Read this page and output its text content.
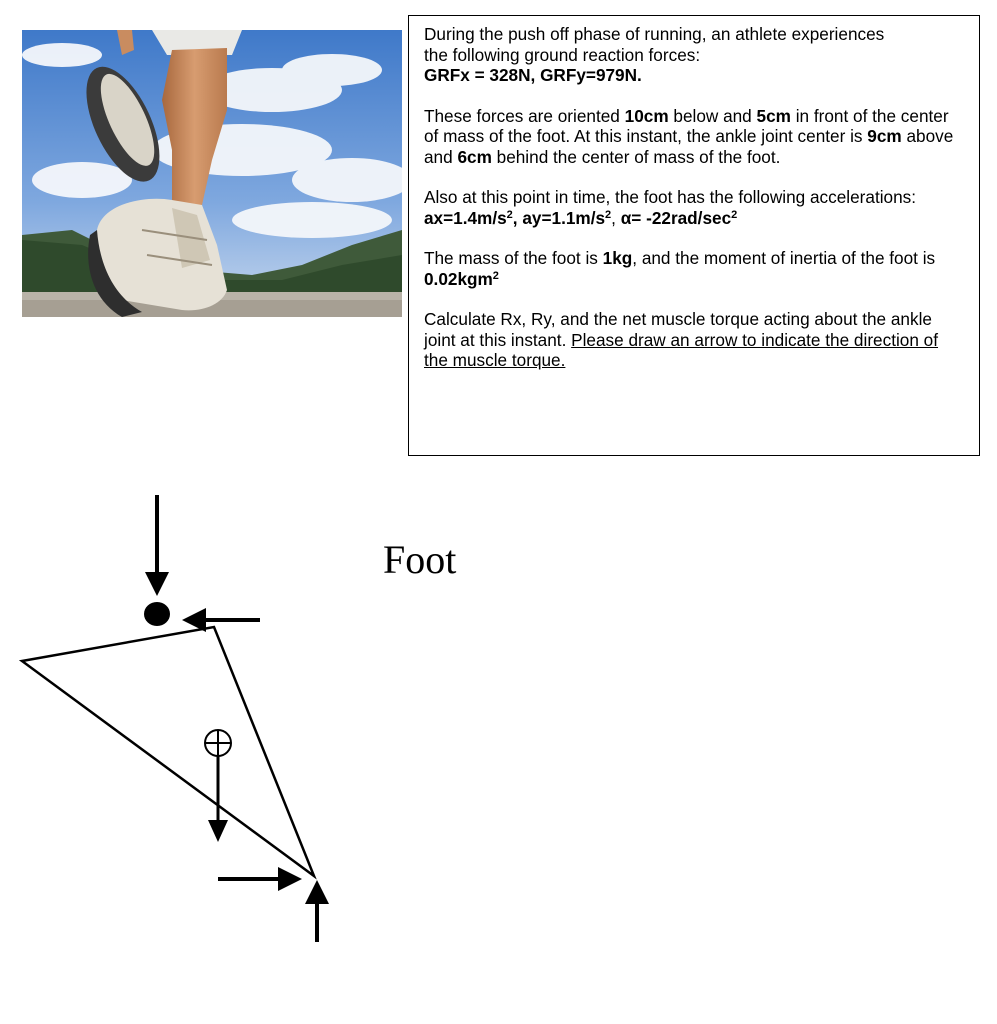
During the push off phase of running, an athlete experiences
the following ground reaction forces:
GRFx = 328N, GRFy=979N.

These forces are oriented 10cm below and 5cm in front of the center of mass of the foot. At this instant, the ankle joint center is 9cm above and 6cm behind the center of mass of the foot.

Also at this point in time, the foot has the following accelerations: $ax=1.4m/s^2$, $ay=1.1m/s^2$, $\alpha= -22rad/\sec^2$

The mass of the foot is 1kg, and the moment of inertia of the foot is 0.02kgm$^2$

Calculate Rx, Ry, and the net muscle torque acting about the ankle joint at this instant. Please draw an arrow to indicate the direction of the muscle torque.

Foot
